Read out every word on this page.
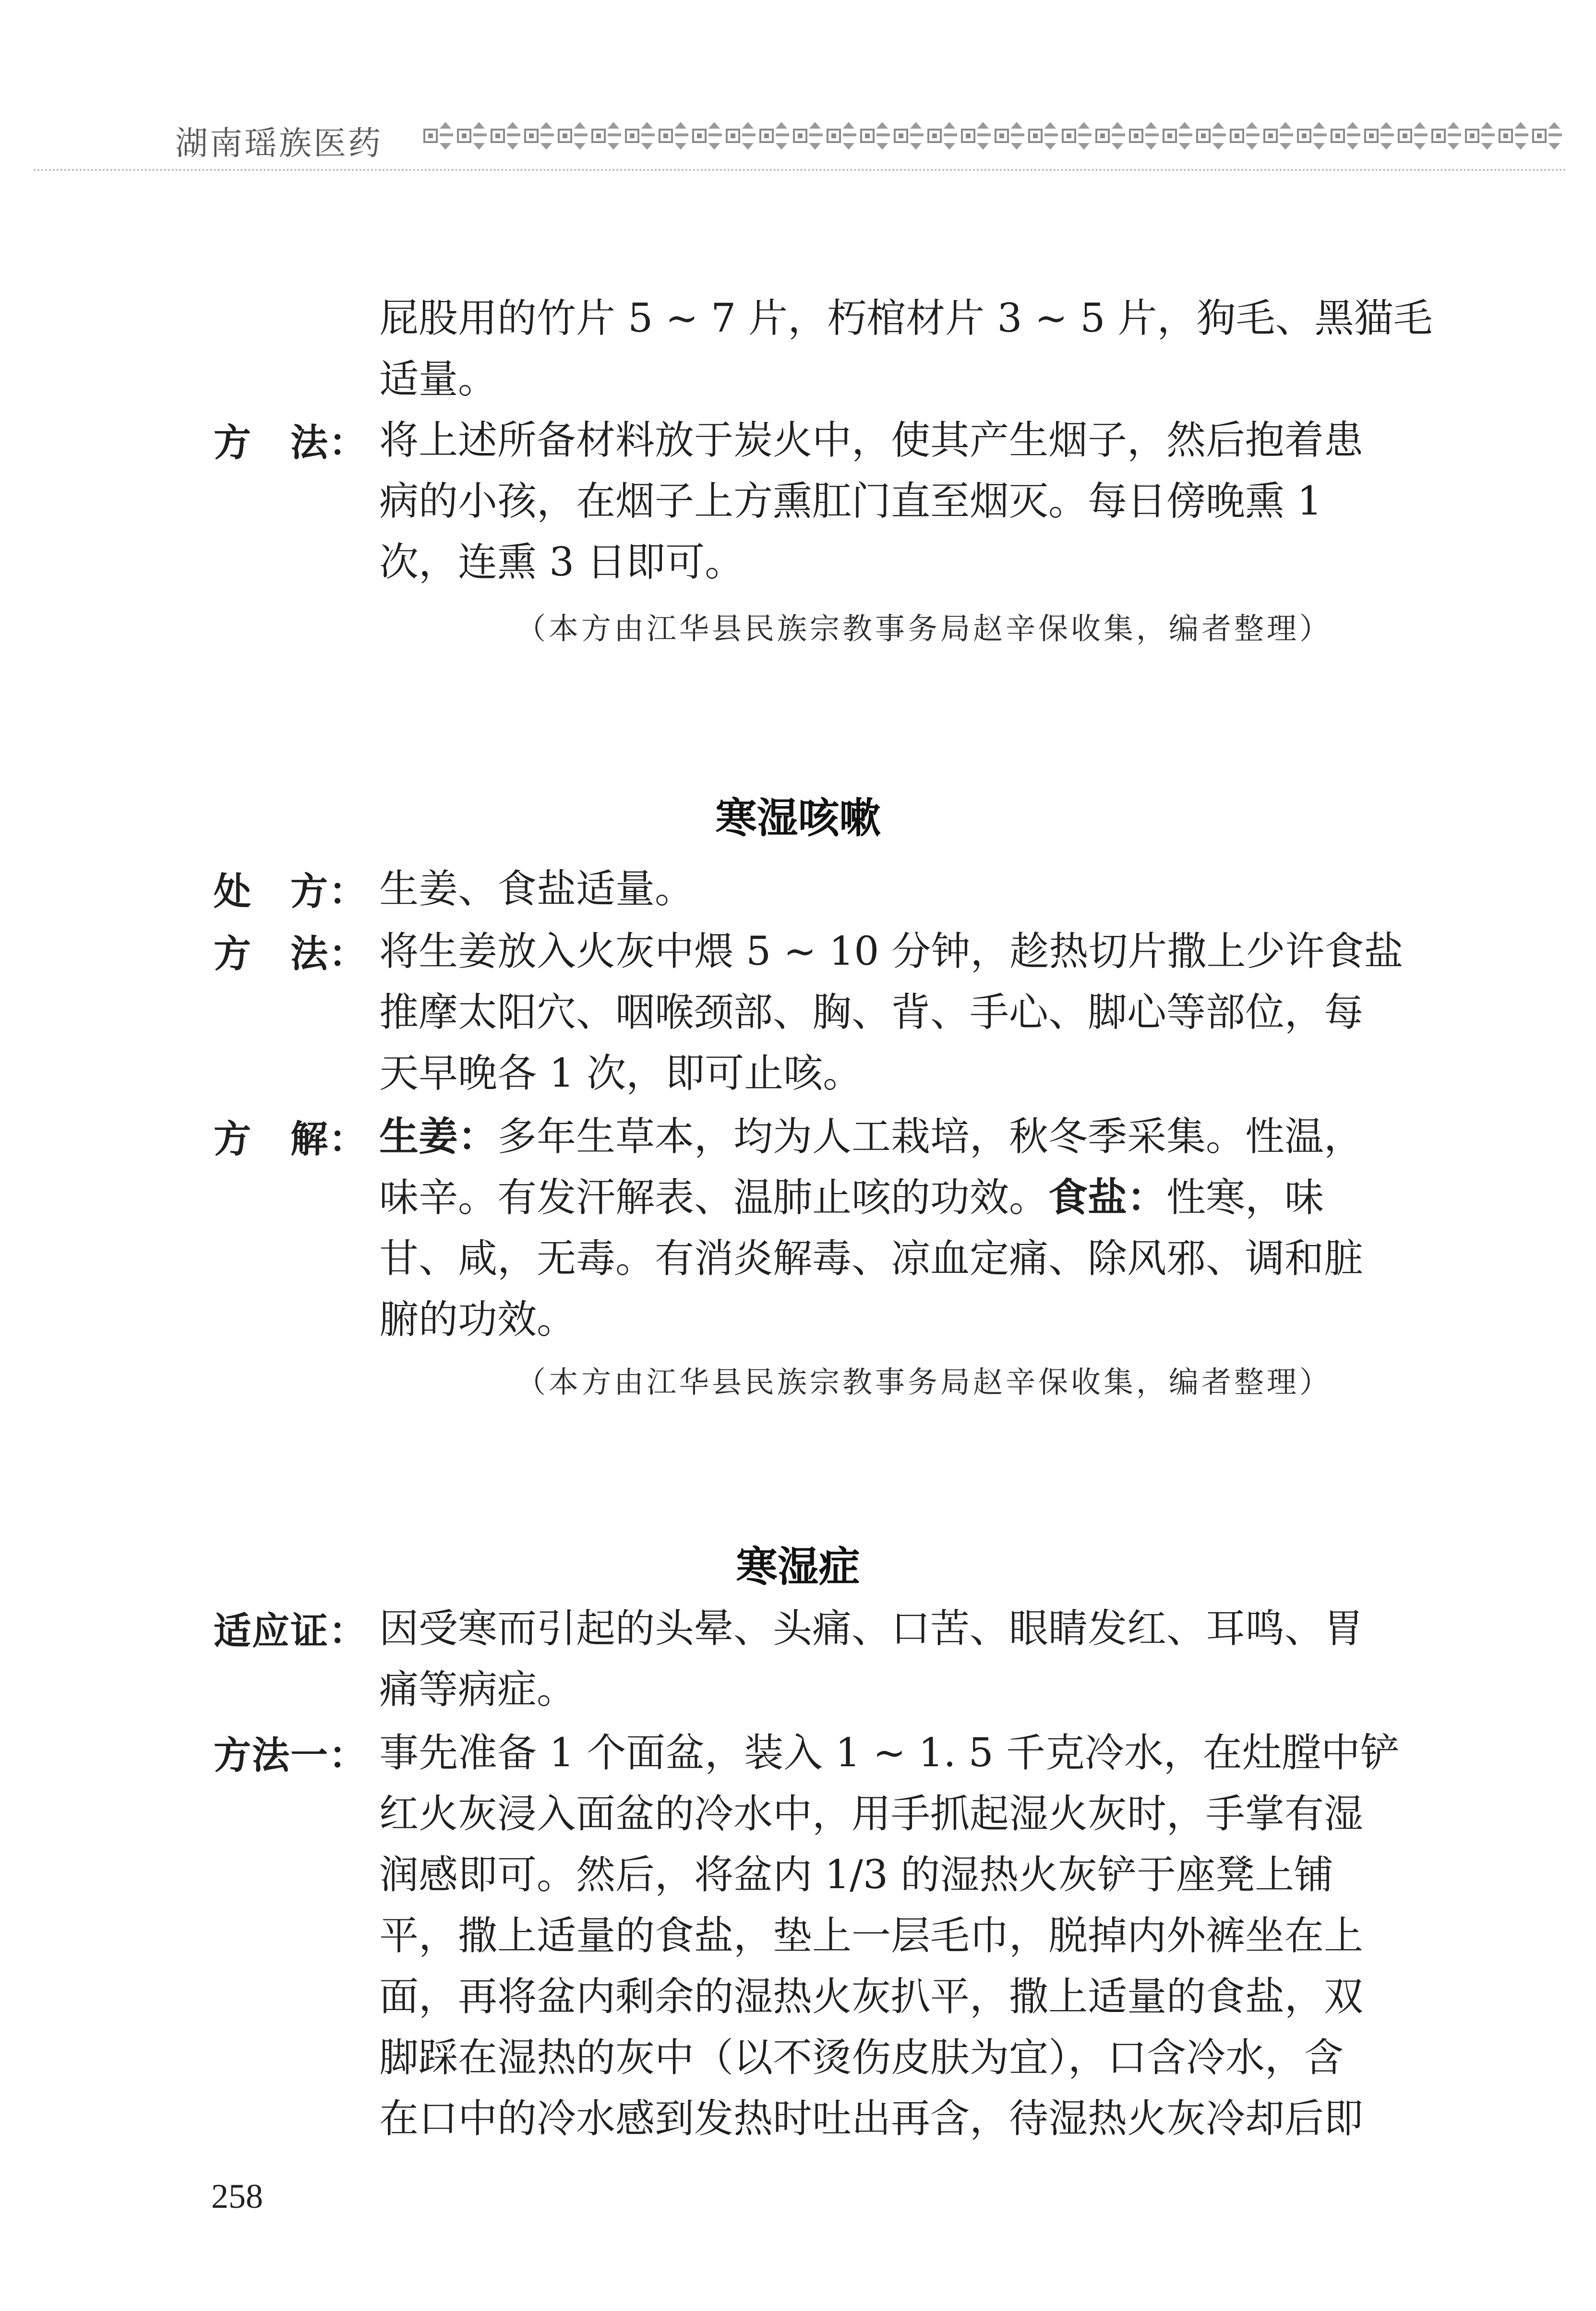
湖南瑶族医药
屁股用的竹片 5 ~ 7 片，朽棺材片 3 ~ 5 片，狗毛、黑猫毛
适量。
方　法： 将上述所备材料放于炭火中，使其产生烟子，然后抱着患
病的小孩，在烟子上方熏肛门直至烟灭。每日傍晚熏 1
次，连熏 3 日即可。
（本方由江华县民族宗教事务局赵辛保收集，编者整理）
寒湿咳嗽
处　方： 生姜、食盐适量。
方　法： 将生姜放入火灰中煨 5 ~ 10 分钟，趁热切片撒上少许食盐
推摩太阳穴、咽喉颈部、胸、背、手心、脚心等部位，每
天早晚各 1 次，即可止咳。
方　解： 生姜：多年生草本，均为人工栽培，秋冬季采集。性温，
味辛。有发汗解表、温肺止咳的功效。食盐：性寒，味
甘、咸，无毒。有消炎解毒、凉血定痛、除风邪、调和脏
腑的功效。
（本方由江华县民族宗教事务局赵辛保收集，编者整理）
寒湿症
适应证： 因受寒而引起的头晕、头痛、口苦、眼睛发红、耳鸣、胃
痛等病症。
方法一： 事先准备 1 个面盆，装入 1 ~ 1. 5 千克冷水，在灶膛中铲
红火灰浸入面盆的冷水中，用手抓起湿火灰时，手掌有湿
润感即可。然后，将盆内 1/3 的湿热火灰铲于座凳上铺
平，撒上适量的食盐，垫上一层毛巾，脱掉内外裤坐在上
面，再将盆内剩余的湿热火灰扒平，撒上适量的食盐，双
脚踩在湿热的灰中（以不烫伤皮肤为宜），口含冷水，含
在口中的冷水感到发热时吐出再含，待湿热火灰冷却后即
258
